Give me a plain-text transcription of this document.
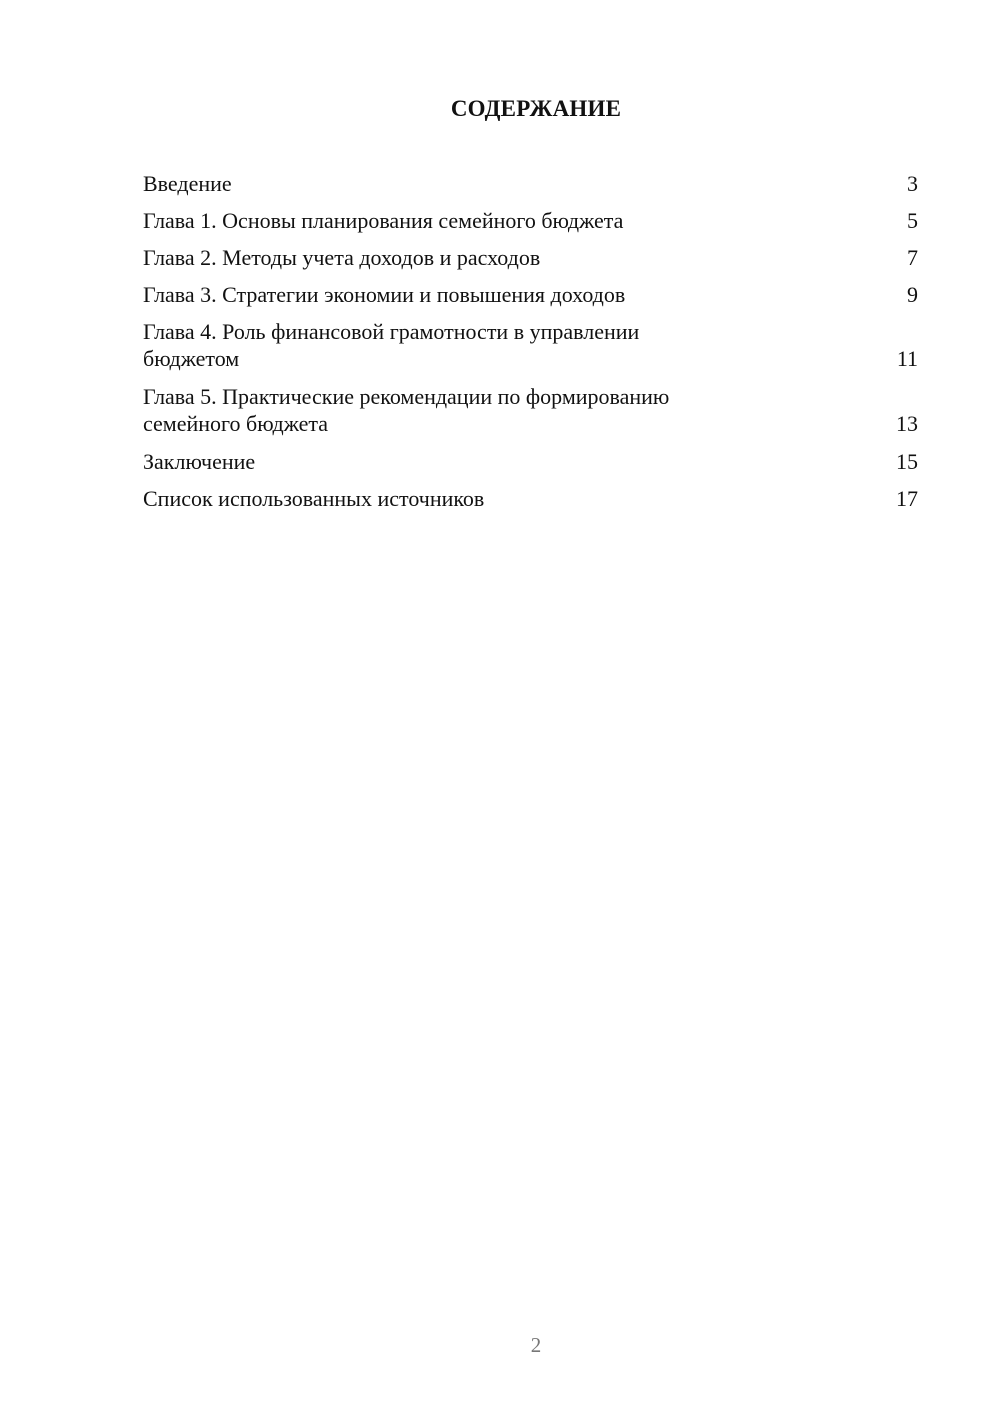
СОДЕРЖАНИЕ
Введение	3
Глава 1. Основы планирования семейного бюджета	5
Глава 2. Методы учета доходов и расходов	7
Глава 3. Стратегии экономии и повышения доходов	9
Глава 4. Роль финансовой грамотности в управлении
бюджетом	11
Глава 5. Практические рекомендации по формированию
семейного бюджета	13
Заключение	15
Список использованных источников	17
2
